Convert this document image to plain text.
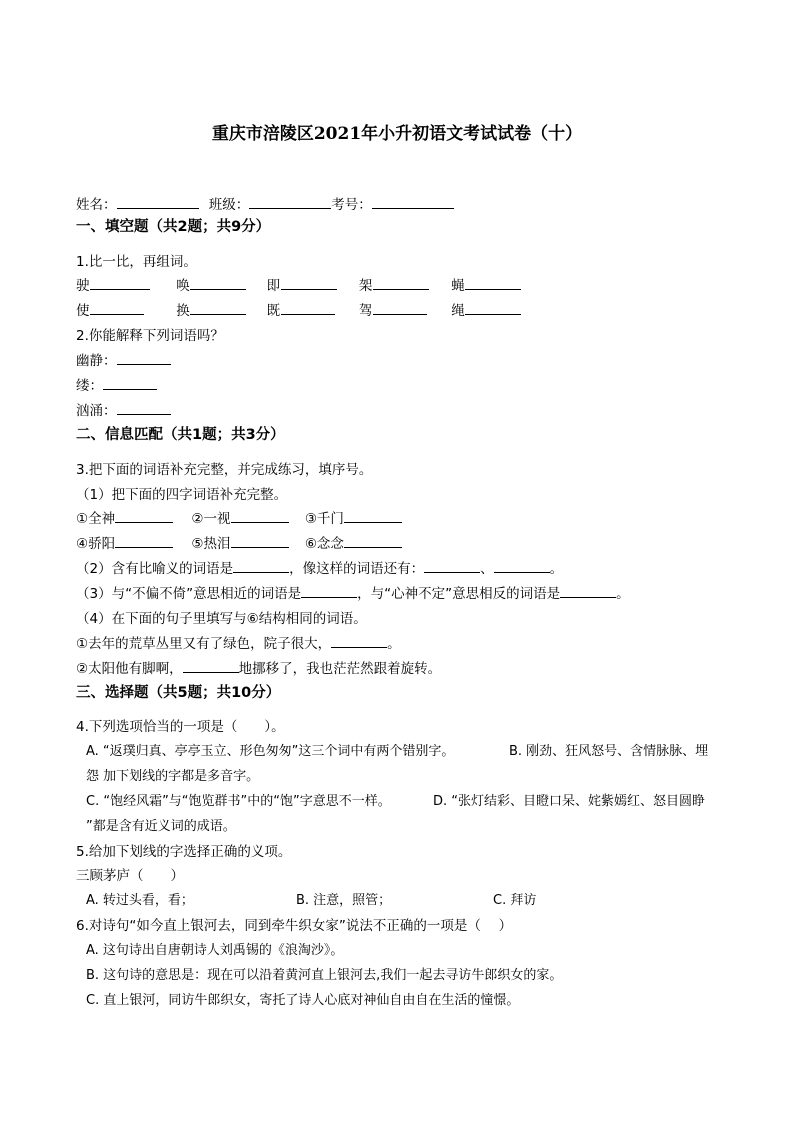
重庆市涪陵区2021年小升初语文考试试卷（十）
姓名：	班级：	考号：
一、填空题（共2题；共9分）
1.比一比，再组词。
驶	唤	即	架	蝇
使	换	既	驾	绳
2.你能解释下列词语吗？
幽静：
缕：
汹涌：
二、信息匹配（共1题；共3分）
3.把下面的词语补充完整，并完成练习，填序号。
（1）把下面的四字词语补充完整。
①全神	②一视	③千门
④骄阳	⑤热泪	⑥念念
（2）含有比喻义的词语是	，像这样的词语还有：	、	。
（3）与“不偏不倚”意思相近的词语是	，与“心神不定”意思相反的词语是	。
（4）在下面的句子里填写与⑥结构相同的词语。
①去年的荒草丛里又有了绿色，院子很大，	。
②太阳他有脚啊，	地挪移了，我也茫茫然跟着旋转。
三、选择题（共5题；共10分）
4.下列选项恰当的一项是（　　）。
A. “返璞归真、亭亭玉立、形色匆匆”这三个词中有两个错别字。	B. 刚劲、狂风怒号、含情脉脉、埋
怨 加下划线的字都是多音字。
C. “饱经风霜”与“饱览群书”中的“饱”字意思不一样。	D. “张灯结彩、目瞪口呆、姹紫嫣红、怒目圆睁
”都是含有近义词的成语。
5.给加下划线的字选择正确的义项。
三顾茅庐（　　）
A. 转过头看，看；	B. 注意，照管；	C. 拜访
6.对诗句“如今直上银河去，同到牵牛织女家”说法不正确的一项是（　 ）
A. 这句诗出自唐朝诗人刘禹锡的《浪淘沙》。
B. 这句诗的意思是：现在可以沿着黄河直上银河去,我们一起去寻访牛郎织女的家。
C. 直上银河，同访牛郎织女，寄托了诗人心底对神仙自由自在生活的憧憬。
